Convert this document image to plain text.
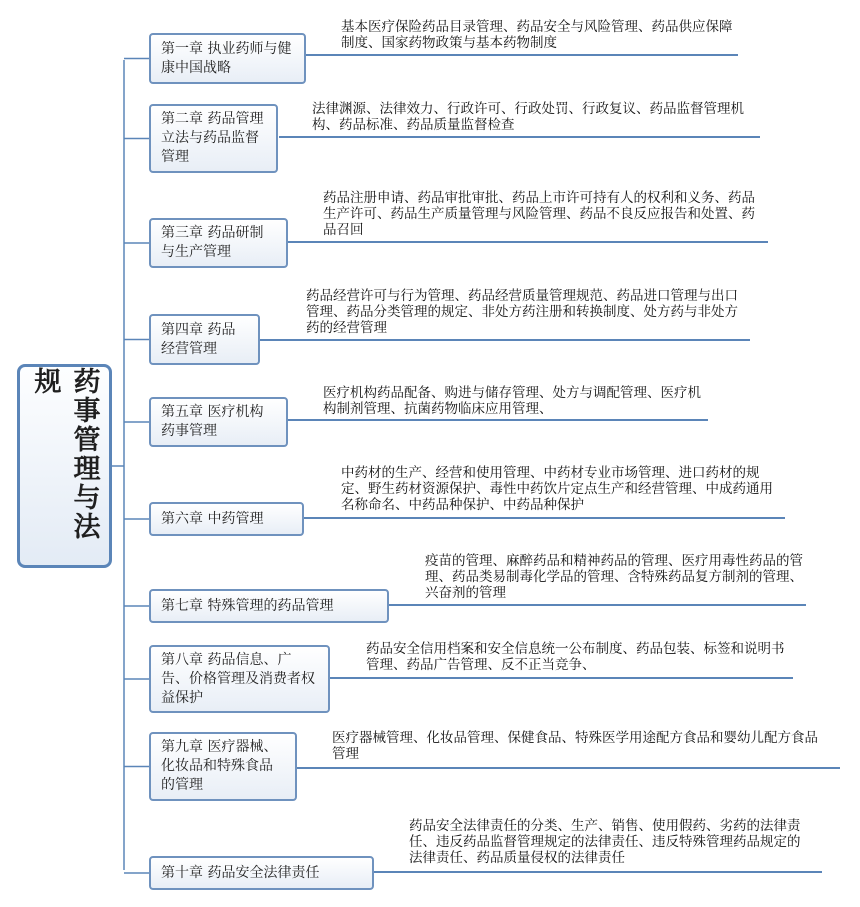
药事管理与法规
第一章 执业药师与健康中国战略
基本医疗保险药品目录管理、药品安全与风险管理、药品供应保障制度、国家药物政策与基本药物制度
第二章 药品管理立法与药品监督管理
法律渊源、法律效力、行政许可、行政处罚、行政复议、药品监督管理机构、药品标准、药品质量监督检查
第三章 药品研制与生产管理
药品注册申请、药品审批审批、药品上市许可持有人的权利和义务、药品生产许可、药品生产质量管理与风险管理、药品不良反应报告和处置、药品召回
第四章 药品经营管理
药品经营许可与行为管理、药品经营质量管理规范、药品进口管理与出口管理、药品分类管理的规定、非处方药注册和转换制度、处方药与非处方药的经营管理
第五章 医疗机构药事管理
医疗机构药品配备、购进与储存管理、处方与调配管理、医疗机构制剂管理、抗菌药物临床应用管理、
第六章 中药管理
中药材的生产、经营和使用管理、中药材专业市场管理、进口药材的规定、野生药材资源保护、毒性中药饮片定点生产和经营管理、中成药通用名称命名、中药品种保护、中药品种保护
第七章 特殊管理的药品管理
疫苗的管理、麻醉药品和精神药品的管理、医疗用毒性药品的管理、药品类易制毒化学品的管理、含特殊药品复方制剂的管理、兴奋剂的管理
第八章 药品信息、广告、价格管理及消费者权益保护
药品安全信用档案和安全信息统一公布制度、药品包装、标签和说明书管理、药品广告管理、反不正当竞争、
第九章 医疗器械、化妆品和特殊食品的管理
医疗器械管理、化妆品管理、保健食品、特殊医学用途配方食品和婴幼儿配方食品管理
第十章 药品安全法律责任
药品安全法律责任的分类、生产、销售、使用假药、劣药的法律责任、违反药品监督管理规定的法律责任、违反特殊管理药品规定的法律责任、药品质量侵权的法律责任
